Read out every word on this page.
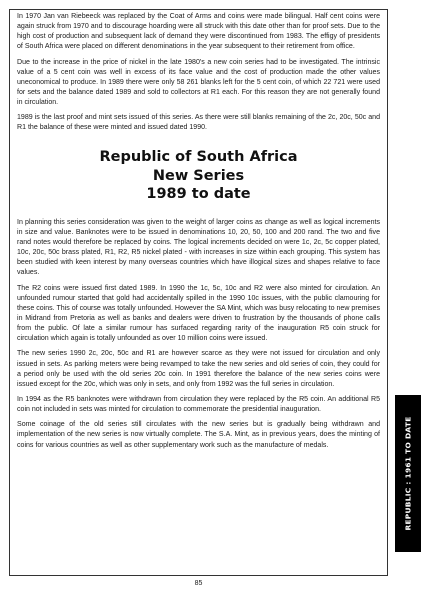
In 1970 Jan van Riebeeck was replaced by the Coat of Arms and coins were made bilingual. Half cent coins were again struck from 1970 and to discourage hoarding were all struck with this date other than for proof sets. Due to the high cost of production and subsequent lack of demand they were discontinued from 1983. The effigy of presidents of South Africa were placed on different denominations in the year subsequent to their retirement from office.

Due to the increase in the price of nickel in the late 1980's a new coin series had to be investigated. The intrinsic value of a 5 cent coin was well in excess of its face value and the cost of production made the other values uneconomical to produce. In 1989 there were only 58 261 blanks left for the 5 cent coin, of which 22 721 were used for sets and the balance dated 1989 and sold to collectors at R1 each. For this reason they are not generally found in circulation.

1989 is the last proof and mint sets issued of this series. As there were still blanks remaining of the 2c, 20c, 50c and R1 the balance of these were minted and issued dated 1990.

Republic of South Africa
New Series
1989 to date

In planning this series consideration was given to the weight of larger coins as change as well as logical increments in size and value. Banknotes were to be issued in denominations 10, 20, 50, 100 and 200 rand. The two and five rand notes would therefore be replaced by coins. The logical increments decided on were 1c, 2c, 5c copper plated, 10c, 20c, 50c brass plated, R1, R2, R5 nickel plated - with increases in size within each grouping. This system has been studied with keen interest by many overseas countries which have illogical sizes and shapes relative to face values.

The R2 coins were issued first dated 1989. In 1990 the 1c, 5c, 10c and R2 were also minted for circulation. An unfounded rumour started that gold had accidentally spilled in the 1990 10c issues, with the public clamouring for these coins. This of course was totally unfounded. However the SA Mint, which was busy relocating to new premises in Midrand from Pretoria as well as banks and dealers were driven to frustration by the thousands of phone calls from the public. Of late a similar rumour has surfaced regarding rarity of the inauguration R5 coin struck for circulation which again is totally unfounded as over 10 million coins were issued.

The new series 1990 2c, 20c, 50c and R1 are however scarce as they were not issued for circulation and only issued in sets. As parking meters were being revamped to take the new series and old series of coin, they could for a period only be used with the old series 20c coin. In 1991 therefore the balance of the new series coins were issued except for the 20c, which was only in sets, and only from 1992 was the full series in circulation.

In 1994 as the R5 banknotes were withdrawn from circulation they were replaced by the R5 coin. An additional R5 coin not included in sets was minted for circulation to commemorate the presidential inauguration.

Some coinage of the old series still circulates with the new series but is gradually being withdrawn and implementation of the new series is now virtually complete. The S.A. Mint, as in previous years, does the minting of coins for various countries as well as other supplementary work such as the manufacture of medals.	REPUBLIC : 1961 TO DATE
85
